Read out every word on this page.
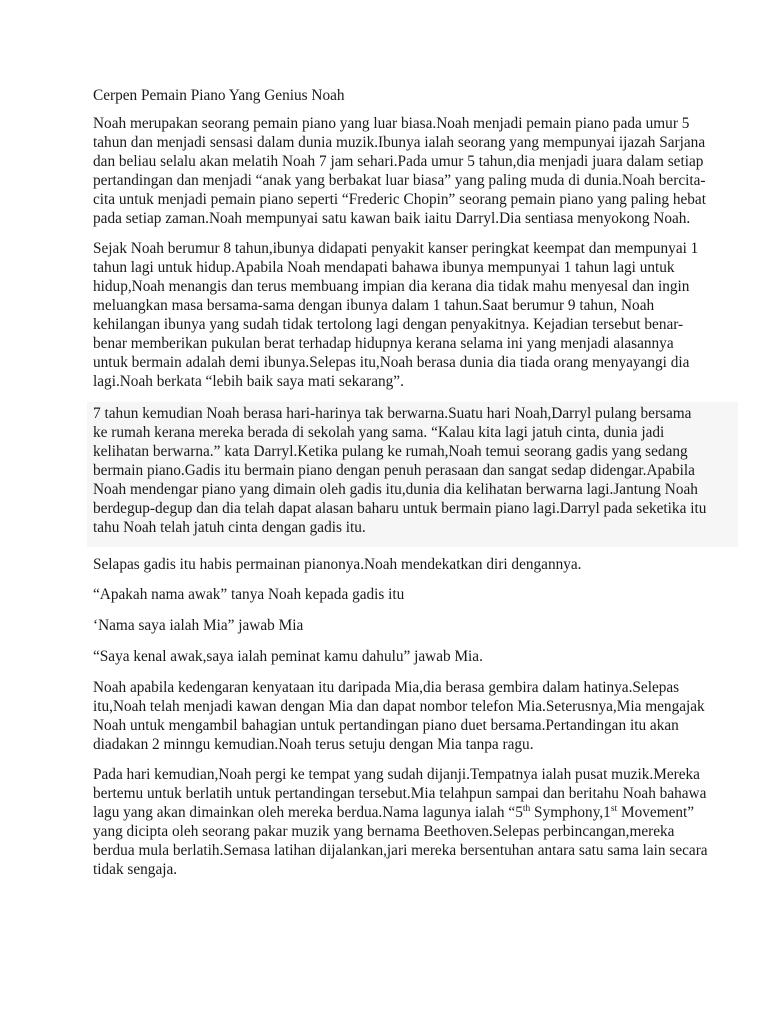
Cerpen Pemain Piano Yang Genius Noah
Noah merupakan seorang pemain piano yang luar biasa.Noah menjadi pemain piano pada umur 5 tahun dan menjadi sensasi dalam dunia muzik.Ibunya ialah seorang yang mempunyai ijazah Sarjana dan beliau selalu akan melatih Noah 7 jam sehari.Pada umur 5 tahun,dia menjadi juara dalam setiap pertandingan dan menjadi “anak yang berbakat luar biasa” yang paling muda di dunia.Noah bercita-cita untuk menjadi pemain piano seperti “Frederic Chopin” seorang pemain piano yang paling hebat pada setiap zaman.Noah mempunyai satu kawan baik iaitu Darryl.Dia sentiasa menyokong Noah.
Sejak Noah berumur 8 tahun,ibunya didapati penyakit kanser peringkat keempat dan mempunyai 1 tahun lagi untuk hidup.Apabila Noah mendapati bahawa ibunya mempunyai 1 tahun lagi untuk hidup,Noah menangis dan terus membuang impian dia kerana dia tidak mahu menyesal dan ingin meluangkan masa bersama-sama dengan ibunya dalam 1 tahun.Saat berumur 9 tahun, Noah kehilangan ibunya yang sudah tidak tertolong lagi dengan penyakitnya. Kejadian tersebut benar-benar memberikan pukulan berat terhadap hidupnya kerana selama ini yang menjadi alasannya untuk bermain adalah demi ibunya.Selepas itu,Noah berasa dunia dia tiada orang menyayangi dia lagi.Noah berkata “lebih baik saya mati sekarang”.
7 tahun kemudian Noah berasa hari-harinya tak berwarna.Suatu hari Noah,Darryl pulang bersama ke rumah kerana mereka berada di sekolah yang sama. “Kalau kita lagi jatuh cinta, dunia jadi kelihatan berwarna.” kata Darryl.Ketika pulang ke rumah,Noah temui seorang gadis yang sedang bermain piano.Gadis itu bermain piano dengan penuh perasaan dan sangat sedap didengar.Apabila Noah mendengar piano yang dimain oleh gadis itu,dunia dia kelihatan berwarna lagi.Jantung Noah berdegup-degup dan dia telah dapat alasan baharu untuk bermain piano lagi.Darryl pada seketika itu tahu Noah telah jatuh cinta dengan gadis itu.
Selapas gadis itu habis permainan pianonya.Noah mendekatkan diri dengannya.
“Apakah nama awak” tanya Noah kepada gadis itu
‘Nama saya ialah Mia” jawab Mia
“Saya kenal awak,saya ialah peminat kamu dahulu” jawab Mia.
Noah apabila kedengaran kenyataan itu daripada Mia,dia berasa gembira dalam hatinya.Selepas itu,Noah telah menjadi kawan dengan Mia dan dapat nombor telefon Mia.Seterusnya,Mia mengajak Noah untuk mengambil bahagian untuk pertandingan piano duet bersama.Pertandingan itu akan diadakan 2 minngu kemudian.Noah terus setuju dengan Mia tanpa ragu.
Pada hari kemudian,Noah pergi ke tempat yang sudah dijanji.Tempatnya ialah pusat muzik.Mereka bertemu untuk berlatih untuk pertandingan tersebut.Mia telahpun sampai dan beritahu Noah bahawa lagu yang akan dimainkan oleh mereka berdua.Nama lagunya ialah “5th Symphony,1st Movement” yang dicipta oleh seorang pakar muzik yang bernama Beethoven.Selepas perbincangan,mereka berdua mula berlatih.Semasa latihan dijalankan,jari mereka bersentuhan antara satu sama lain secara tidak sengaja.
